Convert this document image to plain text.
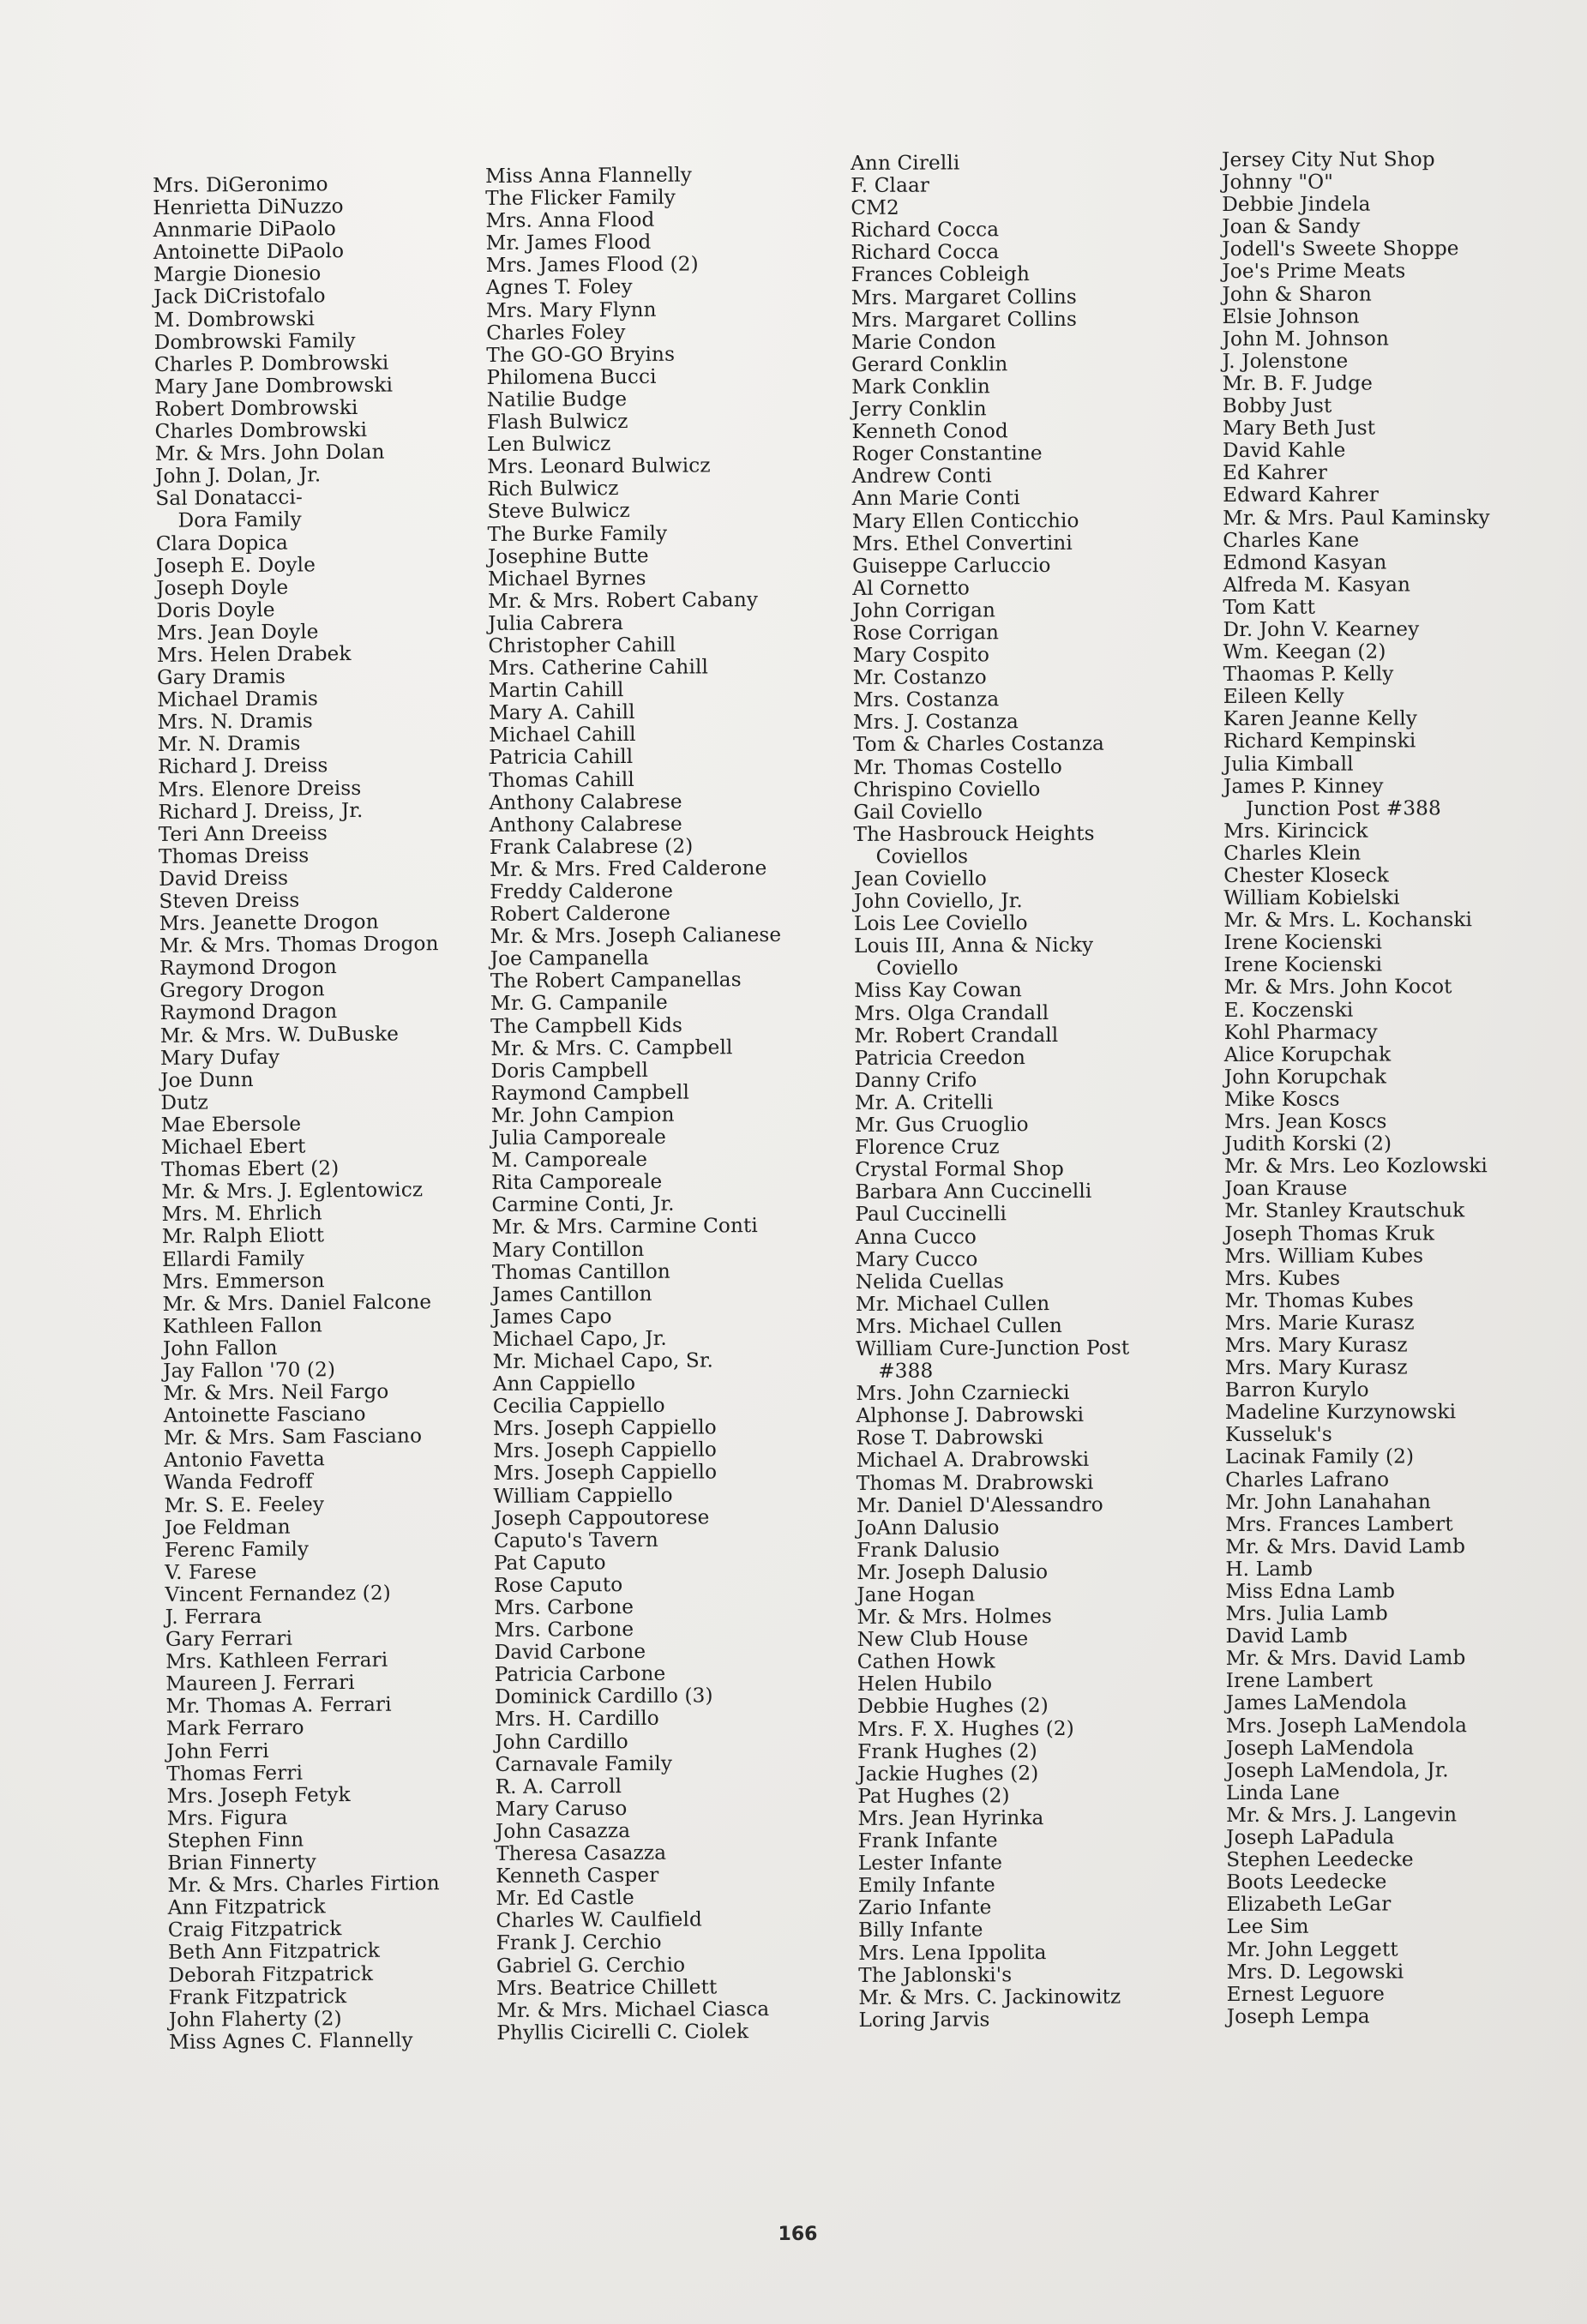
Mrs. DiGeronimo
Henrietta DiNuzzo
Annmarie DiPaolo
Antoinette DiPaolo
Margie Dionesio
Jack DiCristofalo
M. Dombrowski
Dombrowski Family
Charles P. Dombrowski
Mary Jane Dombrowski
Robert Dombrowski
Charles Dombrowski
Mr. & Mrs. John Dolan
John J. Dolan, Jr.
Sal Donatacci-
Dora Family
Clara Dopica
Joseph E. Doyle
Joseph Doyle
Doris Doyle
Mrs. Jean Doyle
Mrs. Helen Drabek
Gary Dramis
Michael Dramis
Mrs. N. Dramis
Mr. N. Dramis
Richard J. Dreiss
Mrs. Elenore Dreiss
Richard J. Dreiss, Jr.
Teri Ann Dreeiss
Thomas Dreiss
David Dreiss
Steven Dreiss
Mrs. Jeanette Drogon
Mr. & Mrs. Thomas Drogon
Raymond Drogon
Gregory Drogon
Raymond Dragon
Mr. & Mrs. W. DuBuske
Mary Dufay
Joe Dunn
Dutz
Mae Ebersole
Michael Ebert
Thomas Ebert (2)
Mr. & Mrs. J. Eglentowicz
Mrs. M. Ehrlich
Mr. Ralph Eliott
Ellardi Family
Mrs. Emmerson
Mr. & Mrs. Daniel Falcone
Kathleen Fallon
John Fallon
Jay Fallon '70 (2)
Mr. & Mrs. Neil Fargo
Antoinette Fasciano
Mr. & Mrs. Sam Fasciano
Antonio Favetta
Wanda Fedroff
Mr. S. E. Feeley
Joe Feldman
Ferenc Family
V. Farese
Vincent Fernandez (2)
J. Ferrara
Gary Ferrari
Mrs. Kathleen Ferrari
Maureen J. Ferrari
Mr. Thomas A. Ferrari
Mark Ferraro
John Ferri
Thomas Ferri
Mrs. Joseph Fetyk
Mrs. Figura
Stephen Finn
Brian Finnerty
Mr. & Mrs. Charles Firtion
Ann Fitzpatrick
Craig Fitzpatrick
Beth Ann Fitzpatrick
Deborah Fitzpatrick
Frank Fitzpatrick
John Flaherty (2)
Miss Agnes C. Flannelly
Miss Anna Flannelly
The Flicker Family
Mrs. Anna Flood
Mr. James Flood
Mrs. James Flood (2)
Agnes T. Foley
Mrs. Mary Flynn
Charles Foley
The GO-GO Bryins
Philomena Bucci
Natilie Budge
Flash Bulwicz
Len Bulwicz
Mrs. Leonard Bulwicz
Rich Bulwicz
Steve Bulwicz
The Burke Family
Josephine Butte
Michael Byrnes
Mr. & Mrs. Robert Cabany
Julia Cabrera
Christopher Cahill
Mrs. Catherine Cahill
Martin Cahill
Mary A. Cahill
Michael Cahill
Patricia Cahill
Thomas Cahill
Anthony Calabrese
Anthony Calabrese
Frank Calabrese (2)
Mr. & Mrs. Fred Calderone
Freddy Calderone
Robert Calderone
Mr. & Mrs. Joseph Calianese
Joe Campanella
The Robert Campanellas
Mr. G. Campanile
The Campbell Kids
Mr. & Mrs. C. Campbell
Doris Campbell
Raymond Campbell
Mr. John Campion
Julia Camporeale
M. Camporeale
Rita Camporeale
Carmine Conti, Jr.
Mr. & Mrs. Carmine Conti
Mary Contillon
Thomas Cantillon
James Cantillon
James Capo
Michael Capo, Jr.
Mr. Michael Capo, Sr.
Ann Cappiello
Cecilia Cappiello
Mrs. Joseph Cappiello
Mrs. Joseph Cappiello
Mrs. Joseph Cappiello
William Cappiello
Joseph Cappoutorese
Caputo's Tavern
Pat Caputo
Rose Caputo
Mrs. Carbone
Mrs. Carbone
David Carbone
Patricia Carbone
Dominick Cardillo (3)
Mrs. H. Cardillo
John Cardillo
Carnavale Family
R. A. Carroll
Mary Caruso
John Casazza
Theresa Casazza
Kenneth Casper
Mr. Ed Castle
Charles W. Caulfield
Frank J. Cerchio
Gabriel G. Cerchio
Mrs. Beatrice Chillett
Mr. & Mrs. Michael Ciasca
Phyllis Cicirelli C. Ciolek
Ann Cirelli
F. Claar
CM2
Richard Cocca
Richard Cocca
Frances Cobleigh
Mrs. Margaret Collins
Mrs. Margaret Collins
Marie Condon
Gerard Conklin
Mark Conklin
Jerry Conklin
Kenneth Conod
Roger Constantine
Andrew Conti
Ann Marie Conti
Mary Ellen Conticchio
Mrs. Ethel Convertini
Guiseppe Carluccio
Al Cornetto
John Corrigan
Rose Corrigan
Mary Cospito
Mr. Costanzo
Mrs. Costanza
Mrs. J. Costanza
Tom & Charles Costanza
Mr. Thomas Costello
Chrispino Coviello
Gail Coviello
The Hasbrouck Heights
Coviellos
Jean Coviello
John Coviello, Jr.
Lois Lee Coviello
Louis III, Anna & Nicky
Coviello
Miss Kay Cowan
Mrs. Olga Crandall
Mr. Robert Crandall
Patricia Creedon
Danny Crifo
Mr. A. Critelli
Mr. Gus Cruoglio
Florence Cruz
Crystal Formal Shop
Barbara Ann Cuccinelli
Paul Cuccinelli
Anna Cucco
Mary Cucco
Nelida Cuellas
Mr. Michael Cullen
Mrs. Michael Cullen
William Cure-Junction Post
#388
Mrs. John Czarniecki
Alphonse J. Dabrowski
Rose T. Dabrowski
Michael A. Drabrowski
Thomas M. Drabrowski
Mr. Daniel D'Alessandro
JoAnn Dalusio
Frank Dalusio
Mr. Joseph Dalusio
Jane Hogan
Mr. & Mrs. Holmes
New Club House
Cathen Howk
Helen Hubilo
Debbie Hughes (2)
Mrs. F. X. Hughes (2)
Frank Hughes (2)
Jackie Hughes (2)
Pat Hughes (2)
Mrs. Jean Hyrinka
Frank Infante
Lester Infante
Emily Infante
Zario Infante
Billy Infante
Mrs. Lena Ippolita
The Jablonski's
Mr. & Mrs. C. Jackinowitz
Loring Jarvis
Jersey City Nut Shop
Johnny "O"
Debbie Jindela
Joan & Sandy
Jodell's Sweete Shoppe
Joe's Prime Meats
John & Sharon
Elsie Johnson
John M. Johnson
J. Jolenstone
Mr. B. F. Judge
Bobby Just
Mary Beth Just
David Kahle
Ed Kahrer
Edward Kahrer
Mr. & Mrs. Paul Kaminsky
Charles Kane
Edmond Kasyan
Alfreda M. Kasyan
Tom Katt
Dr. John V. Kearney
Wm. Keegan (2)
Thaomas P. Kelly
Eileen Kelly
Karen Jeanne Kelly
Richard Kempinski
Julia Kimball
James P. Kinney
Junction Post #388
Mrs. Kirincick
Charles Klein
Chester Kloseck
William Kobielski
Mr. & Mrs. L. Kochanski
Irene Kocienski
Irene Kocienski
Mr. & Mrs. John Kocot
E. Koczenski
Kohl Pharmacy
Alice Korupchak
John Korupchak
Mike Koscs
Mrs. Jean Koscs
Judith Korski (2)
Mr. & Mrs. Leo Kozlowski
Joan Krause
Mr. Stanley Krautschuk
Joseph Thomas Kruk
Mrs. William Kubes
Mrs. Kubes
Mr. Thomas Kubes
Mrs. Marie Kurasz
Mrs. Mary Kurasz
Mrs. Mary Kurasz
Barron Kurylo
Madeline Kurzynowski
Kusseluk's
Lacinak Family (2)
Charles Lafrano
Mr. John Lanahahan
Mrs. Frances Lambert
Mr. & Mrs. David Lamb
H. Lamb
Miss Edna Lamb
Mrs. Julia Lamb
David Lamb
Mr. & Mrs. David Lamb
Irene Lambert
James LaMendola
Mrs. Joseph LaMendola
Joseph LaMendola
Joseph LaMendola, Jr.
Linda Lane
Mr. & Mrs. J. Langevin
Joseph LaPadula
Stephen Leedecke
Boots Leedecke
Elizabeth LeGar
Lee Sim
Mr. John Leggett
Mrs. D. Legowski
Ernest Leguore
Joseph Lempa
166
